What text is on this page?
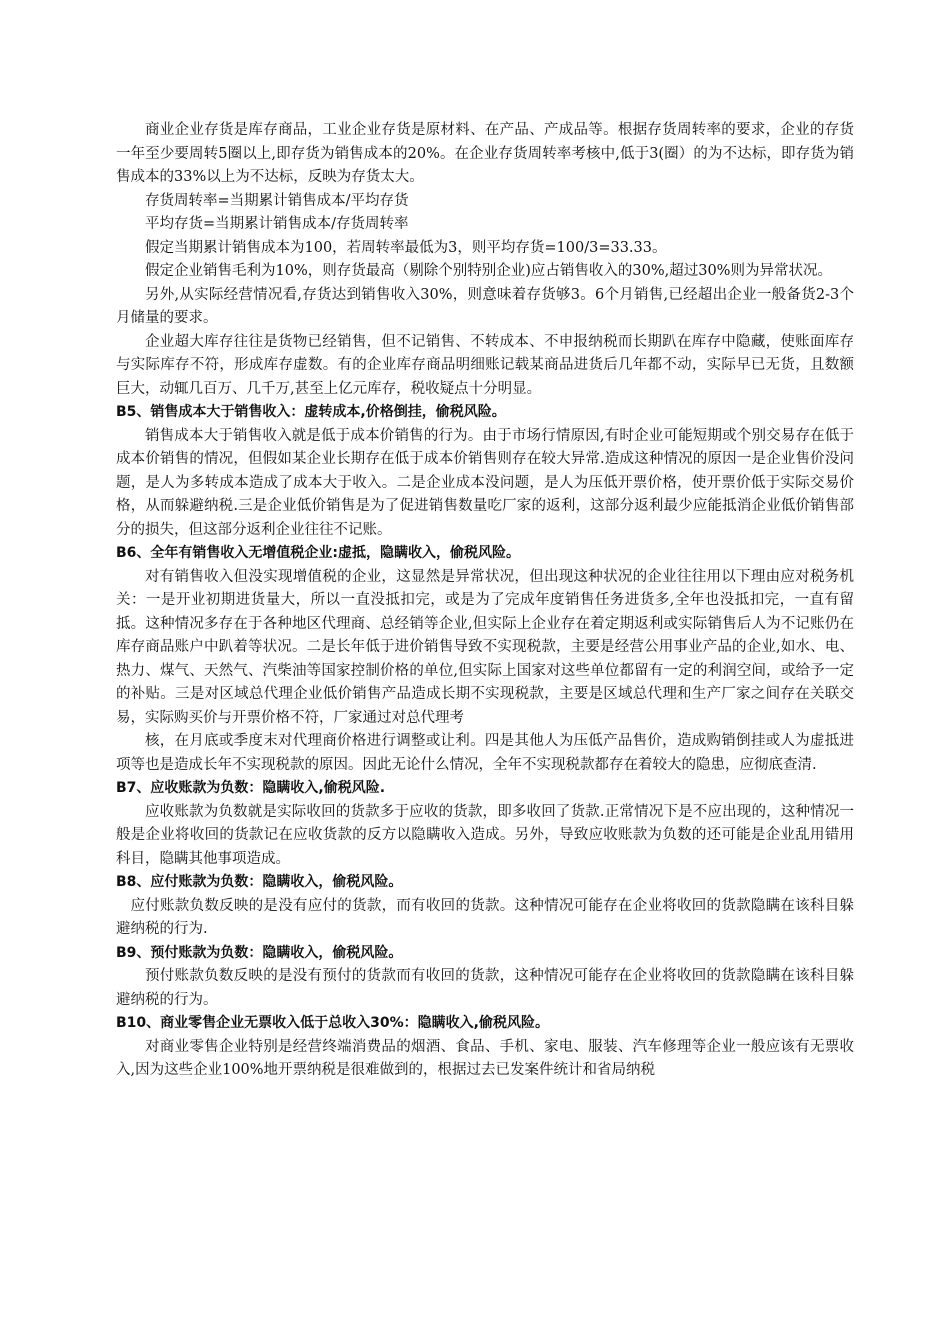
商业企业存货是库存商品，工业企业存货是原材料、在产品、产成品等。根据存货周转率的要求，企业的存货一年至少要周转5圈以上,即存货为销售成本的20%。在企业存货周转率考核中,低于3(圈）的为不达标，即存货为销售成本的33%以上为不达标，反映为存货太大。

存货周转率=当期累计销售成本/平均存货

平均存货=当期累计销售成本/存货周转率

假定当期累计销售成本为100，若周转率最低为3，则平均存货=100/3=33.33。

假定企业销售毛利为10%，则存货最高（剔除个别特别企业)应占销售收入的30%,超过30%则为异常状况。

另外,从实际经营情况看,存货达到销售收入30%，则意味着存货够3。6个月销售,已经超出企业一般备货2-3个月储量的要求。

企业超大库存往往是货物已经销售，但不记销售、不转成本、不申报纳税而长期趴在库存中隐藏，使账面库存与实际库存不符，形成库存虚数。有的企业库存商品明细账记载某商品进货后几年都不动，实际早已无货，且数额巨大，动辄几百万、几千万,甚至上亿元库存，税收疑点十分明显。

B5、销售成本大于销售收入：虚转成本,价格倒挂，偷税风险。

销售成本大于销售收入就是低于成本价销售的行为。由于市场行情原因,有时企业可能短期或个别交易存在低于成本价销售的情况，但假如某企业长期存在低于成本价销售则存在较大异常.造成这种情况的原因一是企业售价没问题，是人为多转成本造成了成本大于收入。二是企业成本没问题，是人为压低开票价格，使开票价低于实际交易价格，从而躲避纳税.三是企业低价销售是为了促进销售数量吃厂家的返利，这部分返利最少应能抵消企业低价销售部分的损失，但这部分返利企业往往不记账。

B6、全年有销售收入无增值税企业:虚抵，隐瞒收入，偷税风险。

对有销售收入但没实现增值税的企业，这显然是异常状况，但出现这种状况的企业往往用以下理由应对税务机关：一是开业初期进货量大，所以一直没抵扣完，或是为了完成年度销售任务进货多,全年也没抵扣完，一直有留抵。这种情况多存在于各种地区代理商、总经销等企业,但实际上企业存在着定期返利或实际销售后人为不记账仍在库存商品账户中趴着等状况。二是长年低于进价销售导致不实现税款，主要是经营公用事业产品的企业,如水、电、热力、煤气、天然气、汽柴油等国家控制价格的单位,但实际上国家对这些单位都留有一定的利润空间，或给予一定的补贴。三是对区域总代理企业低价销售产品造成长期不实现税款，主要是区域总代理和生产厂家之间存在关联交易，实际购买价与开票价格不符，厂家通过对总代理考

核，在月底或季度末对代理商价格进行调整或让利。四是其他人为压低产品售价，造成购销倒挂或人为虚抵进项等也是造成长年不实现税款的原因。因此无论什么情况，全年不实现税款都存在着较大的隐患，应彻底查清.

B7、应收账款为负数：隐瞒收入,偷税风险.

应收账款为负数就是实际收回的货款多于应收的货款，即多收回了货款.正常情况下是不应出现的，这种情况一般是企业将收回的货款记在应收货款的反方以隐瞒收入造成。另外，导致应收账款为负数的还可能是企业乱用错用科目，隐瞒其他事项造成。

B8、应付账款为负数：隐瞒收入，偷税风险。

应付账款负数反映的是没有应付的货款，而有收回的货款。这种情况可能存在企业将收回的货款隐瞒在该科目躲避纳税的行为.

B9、预付账款为负数：隐瞒收入，偷税风险。

预付账款负数反映的是没有预付的货款而有收回的货款，这种情况可能存在企业将收回的货款隐瞒在该科目躲避纳税的行为。

B10、商业零售企业无票收入低于总收入30%：隐瞒收入,偷税风险。

对商业零售企业特别是经营终端消费品的烟酒、食品、手机、家电、服装、汽车修理等企业一般应该有无票收入,因为这些企业100%地开票纳税是很难做到的，根据过去已发案件统计和省局纳税
